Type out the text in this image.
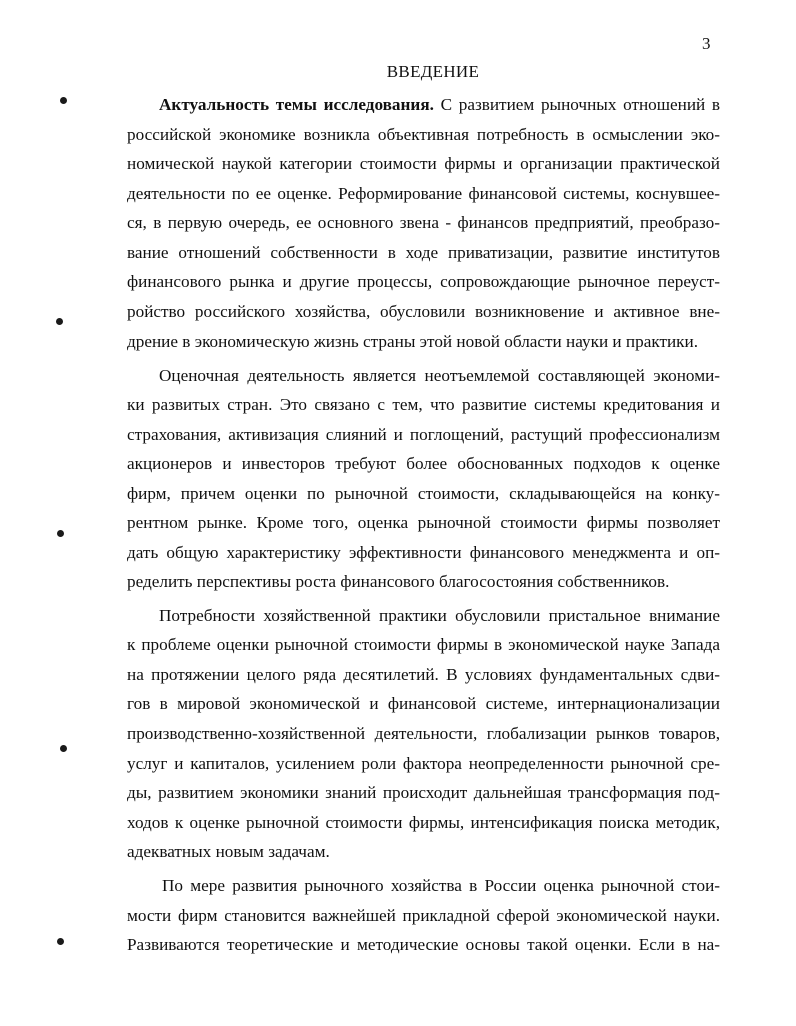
3
ВВЕДЕНИЕ
Актуальность темы исследования. С развитием рыночных отношений в
российской экономике возникла объективная потребность в осмыслении эко-
номической наукой категории стоимости фирмы и организации практической
деятельности по ее оценке. Реформирование финансовой системы, коснувшее-
ся, в первую очередь, ее основного звена - финансов предприятий, преобразо-
вание отношений собственности в ходе приватизации, развитие институтов
финансового рынка и другие процессы, сопровождающие рыночное переуст-
ройство российского хозяйства, обусловили возникновение и активное вне-
дрение в экономическую жизнь страны этой новой области науки и практики.
Оценочная деятельность является неотъемлемой составляющей экономи-
ки развитых стран. Это связано с тем, что развитие системы кредитования и
страхования, активизация слияний и поглощений, растущий профессионализм
акционеров и инвесторов требуют более обоснованных подходов к оценке
фирм, причем оценки по рыночной стоимости, складывающейся на конку-
рентном рынке. Кроме того, оценка рыночной стоимости фирмы позволяет
дать общую характеристику эффективности финансового менеджмента и оп-
ределить перспективы роста финансового благосостояния собственников.
Потребности хозяйственной практики обусловили пристальное внимание
к проблеме оценки рыночной стоимости фирмы в экономической науке Запада
на протяжении целого ряда десятилетий. В условиях фундаментальных сдви-
гов в мировой экономической и финансовой системе, интернационализации
производственно-хозяйственной деятельности, глобализации рынков товаров,
услуг и капиталов, усилением роли фактора неопределенности рыночной сре-
ды, развитием экономики знаний происходит дальнейшая трансформация под-
ходов к оценке рыночной стоимости фирмы, интенсификация поиска методик,
адекватных новым задачам.
По мере развития рыночного хозяйства в России оценка рыночной стои-
мости фирм становится важнейшей прикладной сферой экономической науки.
Развиваются теоретические и методические основы такой оценки. Если в на-
